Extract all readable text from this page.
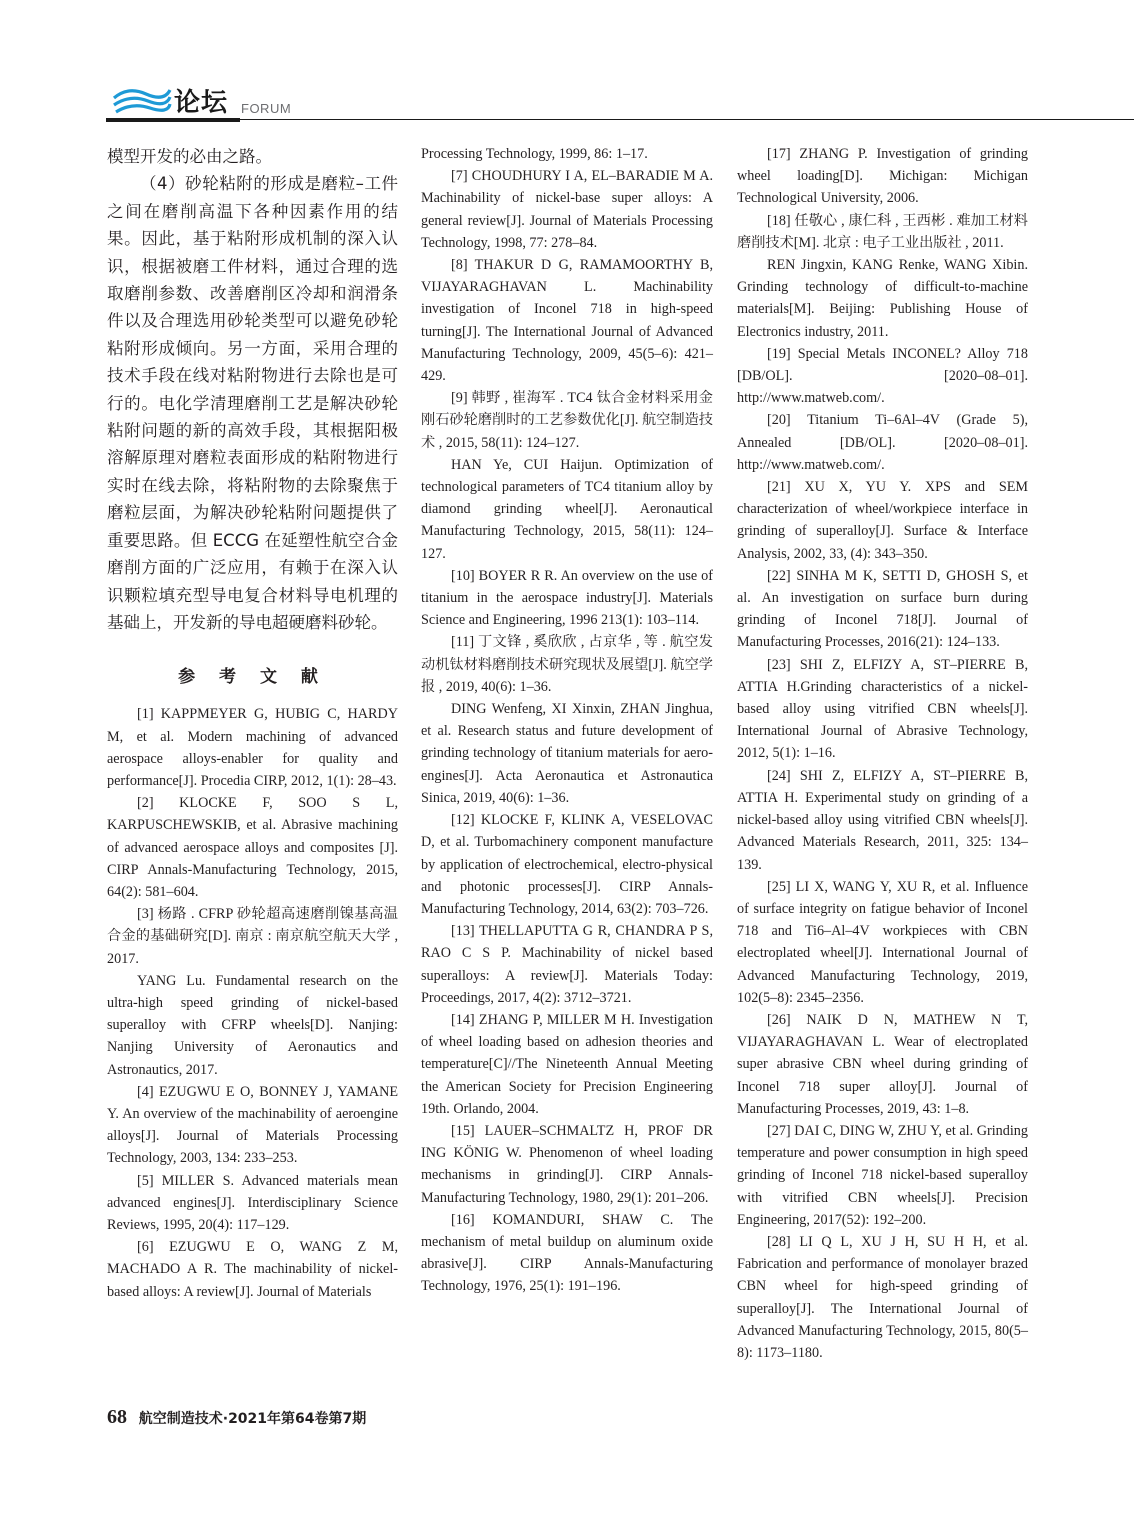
论坛 FORUM

模型开发的必由之路。

（4）砂轮粘附的形成是磨粒–工件之间在磨削高温下各种因素作用的结果。因此，基于粘附形成机制的深入认识，根据被磨工件材料，通过合理的选取磨削参数、改善磨削区冷却和润滑条件以及合理选用砂轮类型可以避免砂轮粘附形成倾向。另一方面，采用合理的技术手段在线对粘附物进行去除也是可行的。电化学清理磨削工艺是解决砂轮粘附问题的新的高效手段，其根据阳极溶解原理对磨粒表面形成的粘附物进行实时在线去除，将粘附物的去除聚焦于磨粒层面，为解决砂轮粘附问题提供了重要思路。但 ECCG 在延塑性航空合金磨削方面的广泛应用，有赖于在深入认识颗粒填充型导电复合材料导电机理的基础上，开发新的导电超硬磨料砂轮。

参 考 文 献

[1] KAPPMEYER G, HUBIG C, HARDY M, et al. Modern machining of advanced aerospace alloys-enabler for quality and performance[J]. Procedia CIRP, 2012, 1(1): 28–43.

[2] KLOCKE F, SOO S L, KARPUSCHEWSKIB, et al. Abrasive machining of advanced aerospace alloys and composites [J]. CIRP Annals-Manufacturing Technology, 2015, 64(2): 581–604.

[3] 杨路 . CFRP 砂轮超高速磨削镍基高温合金的基础研究[D]. 南京 : 南京航空航天大学 , 2017.

YANG Lu. Fundamental research on the ultra-high speed grinding of nickel-based superalloy with CFRP wheels[D]. Nanjing: Nanjing University of Aeronautics and Astronautics, 2017.

[4] EZUGWU E O, BONNEY J, YAMANE Y. An overview of the machinability of aeroengine alloys[J]. Journal of Materials Processing Technology, 2003, 134: 233–253.

[5] MILLER S. Advanced materials mean advanced engines[J]. Interdisciplinary Science Reviews, 1995, 20(4): 117–129.

[6] EZUGWU E O, WANG Z M, MACHADO A R. The machinability of nickel-based alloys: A review[J]. Journal of Materials

Processing Technology, 1999, 86: 1–17.

[7] CHOUDHURY I A, EL–BARADIE M A. Machinability of nickel-base super alloys: A general review[J]. Journal of Materials Processing Technology, 1998, 77: 278–84.

[8] THAKUR D G, RAMAMOORTHY B, VIJAYARAGHAVAN L. Machinability investigation of Inconel 718 in high-speed turning[J]. The International Journal of Advanced Manufacturing Technology, 2009, 45(5–6): 421–429.

[9] 韩野 , 崔海军 . TC4 钛合金材料采用金刚石砂轮磨削时的工艺参数优化[J]. 航空制造技术 , 2015, 58(11): 124–127.

HAN Ye, CUI Haijun. Optimization of technological parameters of TC4 titanium alloy by diamond grinding wheel[J]. Aeronautical Manufacturing Technology, 2015, 58(11): 124–127.

[10] BOYER R R. An overview on the use of titanium in the aerospace industry[J]. Materials Science and Engineering, 1996 213(1): 103–114.

[11] 丁文锋 , 奚欣欣 , 占京华 , 等 . 航空发动机钛材料磨削技术研究现状及展望[J]. 航空学报 , 2019, 40(6): 1–36.

DING Wenfeng, XI Xinxin, ZHAN Jinghua, et al. Research status and future development of grinding technology of titanium materials for aero-engines[J]. Acta Aeronautica et Astronautica Sinica, 2019, 40(6): 1–36.

[12] KLOCKE F, KLINK A, VESELOVAC D, et al. Turbomachinery component manufacture by application of electrochemical, electro-physical and photonic processes[J]. CIRP Annals-Manufacturing Technology, 2014, 63(2): 703–726.

[13] THELLAPUTTA G R, CHANDRA P S, RAO C S P. Machinability of nickel based superalloys: A review[J]. Materials Today: Proceedings, 2017, 4(2): 3712–3721.

[14] ZHANG P, MILLER M H. Investigation of wheel loading based on adhesion theories and temperature[C]//The Nineteenth Annual Meeting the American Society for Precision Engineering 19th. Orlando, 2004.

[15] LAUER–SCHMALTZ H, PROF DR ING KÖNIG W. Phenomenon of wheel loading mechanisms in grinding[J]. CIRP Annals-Manufacturing Technology, 1980, 29(1): 201–206.

[16] KOMANDURI, SHAW C. The mechanism of metal buildup on aluminum oxide abrasive[J]. CIRP Annals-Manufacturing Technology, 1976, 25(1): 191–196.

[17] ZHANG P. Investigation of grinding wheel loading[D]. Michigan: Michigan Technological University, 2006.

[18] 任敬心 , 康仁科 , 王西彬 . 难加工材料磨削技术[M]. 北京 : 电子工业出版社 , 2011.

REN Jingxin, KANG Renke, WANG Xibin. Grinding technology of difficult-to-machine materials[M]. Beijing: Publishing House of Electronics industry, 2011.

[19] Special Metals INCONEL? Alloy 718 [DB/OL]. [2020–08–01]. http://www.matweb.com/.

[20] Titanium Ti–6Al–4V (Grade 5), Annealed [DB/OL]. [2020–08–01]. http://www.matweb.com/.

[21] XU X, YU Y. XPS and SEM characterization of wheel/workpiece interface in grinding of superalloy[J]. Surface & Interface Analysis, 2002, 33, (4): 343–350.

[22] SINHA M K, SETTI D, GHOSH S, et al. An investigation on surface burn during grinding of Inconel 718[J]. Journal of Manufacturing Processes, 2016(21): 124–133.

[23] SHI Z, ELFIZY A, ST–PIERRE B, ATTIA H.Grinding characteristics of a nickel-based alloy using vitrified CBN wheels[J]. International Journal of Abrasive Technology, 2012, 5(1): 1–16.

[24] SHI Z, ELFIZY A, ST–PIERRE B, ATTIA H. Experimental study on grinding of a nickel-based alloy using vitrified CBN wheels[J]. Advanced Materials Research, 2011, 325: 134–139.

[25] LI X, WANG Y, XU R, et al. Influence of surface integrity on fatigue behavior of Inconel 718 and Ti6–Al–4V workpieces with CBN electroplated wheel[J]. International Journal of Advanced Manufacturing Technology, 2019, 102(5–8): 2345–2356.

[26] NAIK D N, MATHEW N T, VIJAYARAGHAVAN L. Wear of electroplated super abrasive CBN wheel during grinding of Inconel 718 super alloy[J]. Journal of Manufacturing Processes, 2019, 43: 1–8.

[27] DAI C, DING W, ZHU Y, et al. Grinding temperature and power consumption in high speed grinding of Inconel 718 nickel-based superalloy with vitrified CBN wheels[J]. Precision Engineering, 2017(52): 192–200.

[28] LI Q L, XU J H, SU H H, et al. Fabrication and performance of monolayer brazed CBN wheel for high-speed grinding of superalloy[J]. The International Journal of Advanced Manufacturing Technology, 2015, 80(5–8): 1173–1180.

68 航空制造技术·2021年第64卷第7期
